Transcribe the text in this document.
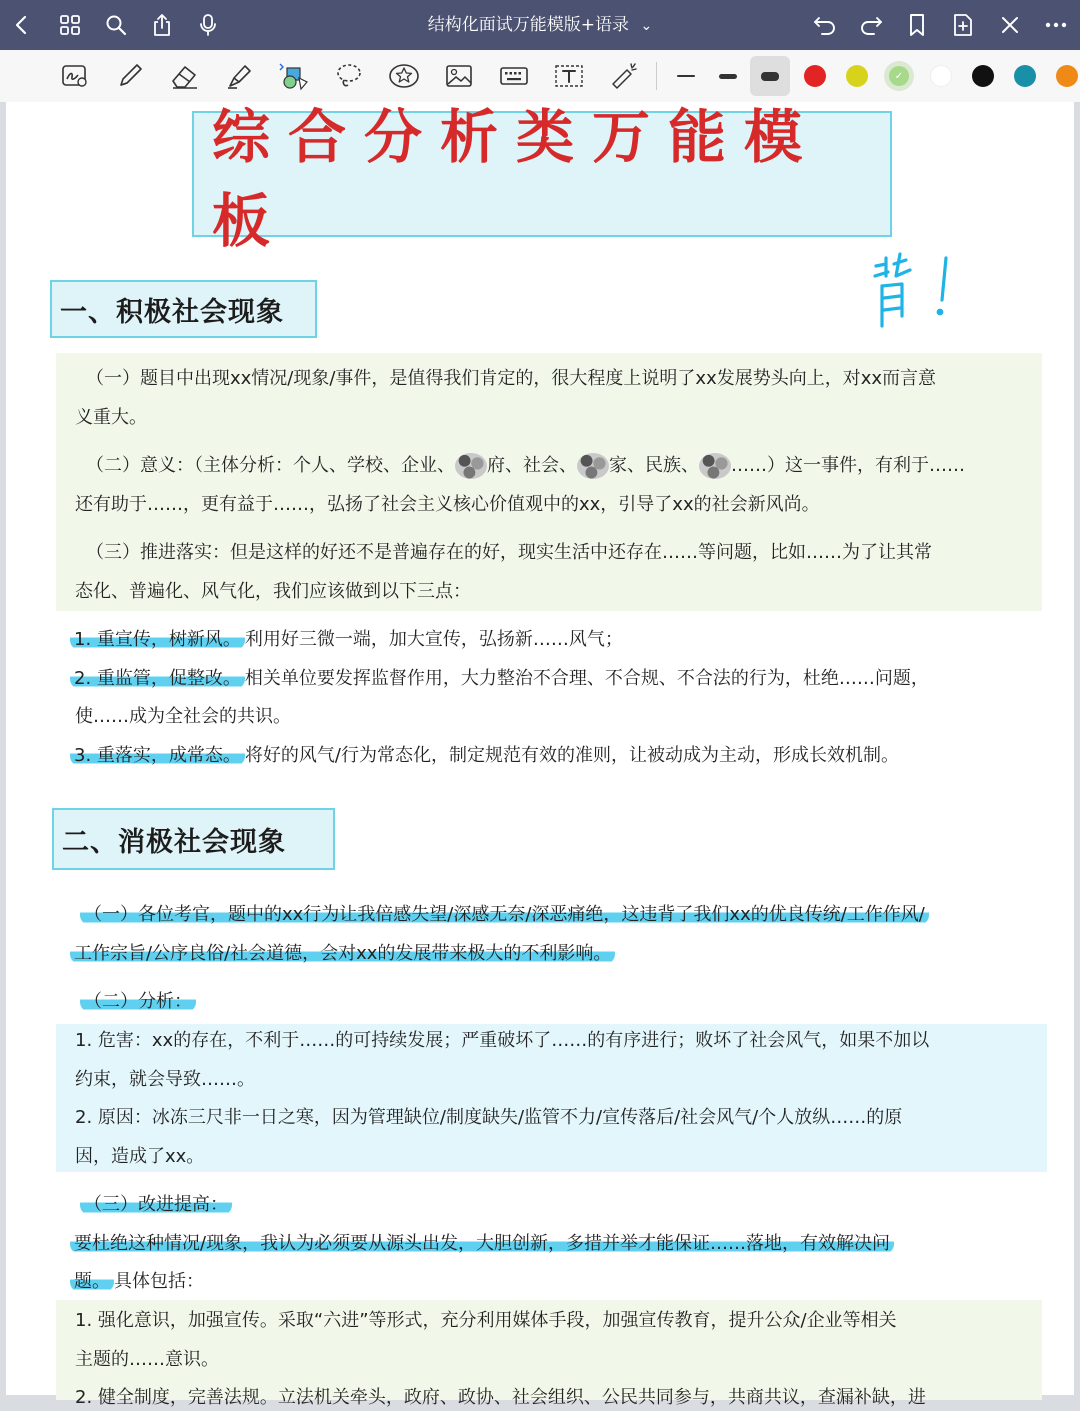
结构化面试万能模版+语录 ⌄
✓
综合分析类万能模板
一、积极社会现象
（一）题目中出现xx情况/现象/事件，是值得我们肯定的，很大程度上说明了xx发展势头向上，对xx而言意
义重大。
（二）意义：（主体分析：个人、学校、企业、 府、社会、 家、民族、 ……）这一事件，有利于……
还有助于……，更有益于……，弘扬了社会主义核心价值观中的xx，引导了xx的社会新风尚。
（三）推进落实：但是这样的好还不是普遍存在的好，现实生活中还存在……等问题，比如……为了让其常
态化、普遍化、风气化，我们应该做到以下三点：
1. 重宣传，树新风。 利用好三微一端，加大宣传，弘扬新……风气；
2. 重监管，促整改。 相关单位要发挥监督作用，大力整治不合理、不合规、不合法的行为，杜绝……问题，
使……成为全社会的共识。
3. 重落实，成常态。 将好的风气/行为常态化，制定规范有效的准则，让被动成为主动，形成长效机制。
二、消极社会现象
（一）各位考官，题中的xx行为让我倍感失望/深感无奈/深恶痛绝，这违背了我们xx的优良传统/工作作风/
工作宗旨/公序良俗/社会道德，会对xx的发展带来极大的不利影响。
（二）分析：
1. 危害：xx的存在，不利于……的可持续发展；严重破坏了……的有序进行；败坏了社会风气，如果不加以
约束，就会导致……。
2. 原因：冰冻三尺非一日之寒，因为管理缺位/制度缺失/监管不力/宣传落后/社会风气/个人放纵……的原
因，造成了xx。
（三）改进提高：
要杜绝这种情况/现象，我认为必须要从源头出发，大胆创新，多措并举才能保证……落地，有效解决问
题。 具体包括：
1. 强化意识，加强宣传。采取“六进”等形式，充分利用媒体手段，加强宣传教育，提升公众/企业等相关
主题的……意识。
2. 健全制度，完善法规。立法机关牵头，政府、政协、社会组织、公民共同参与，共商共议，查漏补缺，进
